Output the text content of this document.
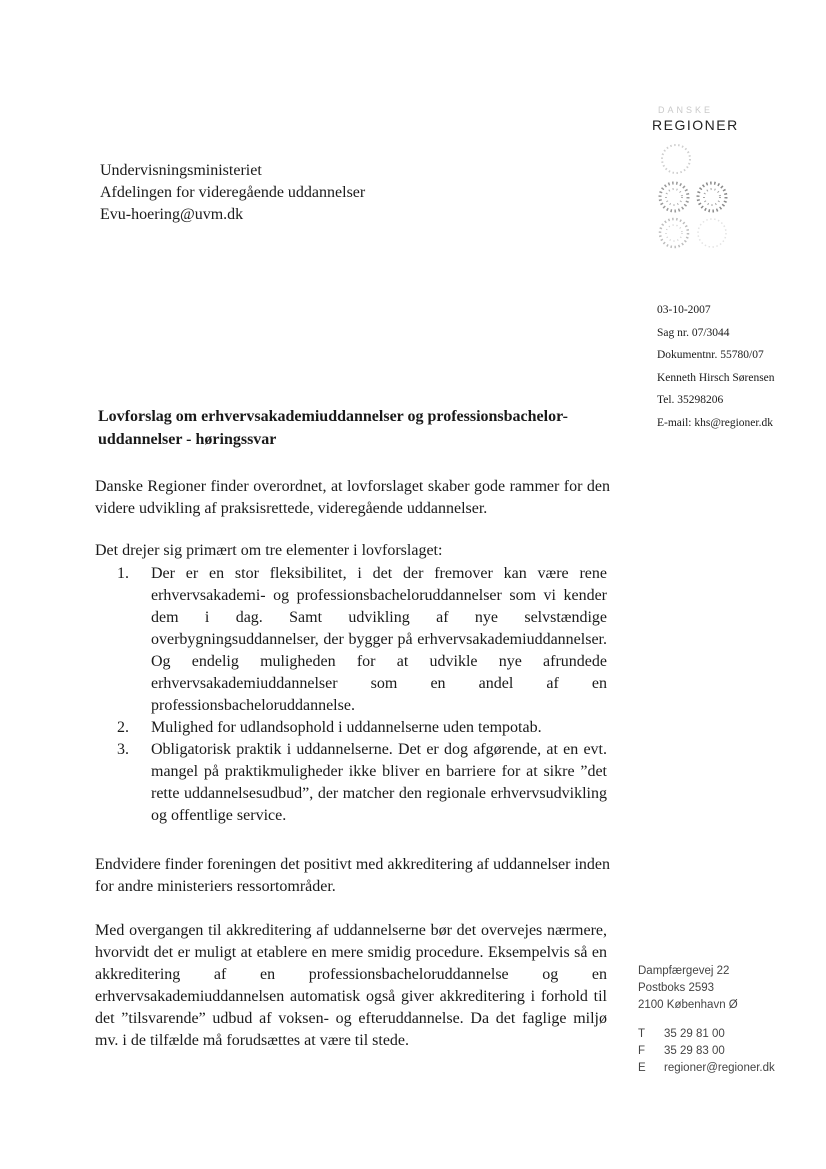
Undervisningsministeriet
Afdelingen for videregående uddannelser
Evu-hoering@uvm.dk
DANSKE
REGIONER
03-10-2007
Sag nr. 07/3044
Dokumentnr. 55780/07
Kenneth Hirsch Sørensen
Tel. 35298206
E-mail: khs@regioner.dk
Lovforslag om erhvervsakademiuddannelser og professionsbachelor-uddannelser - høringssvar
Danske Regioner finder overordnet, at lovforslaget skaber gode rammer for den videre udvikling af praksisrettede, videregående uddannelser.
Det drejer sig primært om tre elementer i lovforslaget:
1. Der er en stor fleksibilitet, i det der fremover kan være rene erhvervsakademi- og professionsbacheloruddannelser som vi kender dem i dag. Samt udvikling af nye selvstændige overbygningsuddannelser, der bygger på erhvervsakademiuddannelser. Og endelig muligheden for at udvikle nye afrundede erhvervsakademiuddannelser som en andel af en professionsbacheloruddannelse.
2. Mulighed for udlandsophold i uddannelserne uden tempotab.
3. Obligatorisk praktik i uddannelserne. Det er dog afgørende, at en evt. mangel på praktikmuligheder ikke bliver en barriere for at sikre ”det rette uddannelsesudbud”, der matcher den regionale erhvervsudvikling og offentlige service.
Endvidere finder foreningen det positivt med akkreditering af uddannelser inden for andre ministeriers ressortområder.
Med overgangen til akkreditering af uddannelserne bør det overvejes nærmere, hvorvidt det er muligt at etablere en mere smidig procedure. Eksempelvis så en akkreditering af en professionsbacheloruddannelse og en erhvervsakademiuddannelsen automatisk også giver akkreditering i forhold til det ”tilsvarende” udbud af voksen- og efteruddannelse. Da det faglige miljø mv. i de tilfælde må forudsættes at være til stede.
Dampfærgevej 22
Postboks 2593
2100 København Ø
T 35 29 81 00
F 35 29 83 00
E regioner@regioner.dk
